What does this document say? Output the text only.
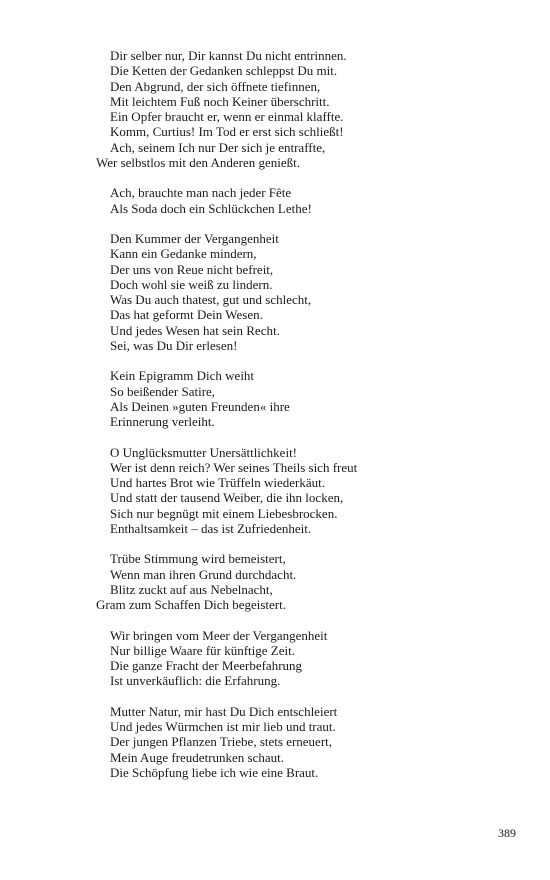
Dir selber nur, Dir kannst Du nicht entrinnen.
Die Ketten der Gedanken schleppst Du mit.
Den Abgrund, der sich öffnete tiefinnen,
Mit leichtem Fuß noch Keiner überschritt.
Ein Opfer braucht er, wenn er einmal klaffte.
Komm, Curtius! Im Tod er erst sich schließt!
Ach, seinem Ich nur Der sich je entraffte,
Wer selbstlos mit den Anderen genießt.
Ach, brauchte man nach jeder Fête
Als Soda doch ein Schlückchen Lethe!
Den Kummer der Vergangenheit
Kann ein Gedanke mindern,
Der uns von Reue nicht befreit,
Doch wohl sie weiß zu lindern.
Was Du auch thatest, gut und schlecht,
Das hat geformt Dein Wesen.
Und jedes Wesen hat sein Recht.
Sei, was Du Dir erlesen!
Kein Epigramm Dich weiht
So beißender Satire,
Als Deinen »guten Freunden« ihre
Erinnerung verleiht.
O Unglücksmutter Unersättlichkeit!
Wer ist denn reich? Wer seines Theils sich freut
Und hartes Brot wie Trüffeln wiederkäut.
Und statt der tausend Weiber, die ihn locken,
Sich nur begnügt mit einem Liebesbrocken.
Enthaltsamkeit – das ist Zufriedenheit.
Trübe Stimmung wird bemeistert,
Wenn man ihren Grund durchdacht.
Blitz zuckt auf aus Nebelnacht,
Gram zum Schaffen Dich begeistert.
Wir bringen vom Meer der Vergangenheit
Nur billige Waare für künftige Zeit.
Die ganze Fracht der Meerbefahrung
Ist unverkäuflich: die Erfahrung.
Mutter Natur, mir hast Du Dich entschleiert
Und jedes Würmchen ist mir lieb und traut.
Der jungen Pflanzen Triebe, stets erneuert,
Mein Auge freudetrunken schaut.
Die Schöpfung liebe ich wie eine Braut.
389
